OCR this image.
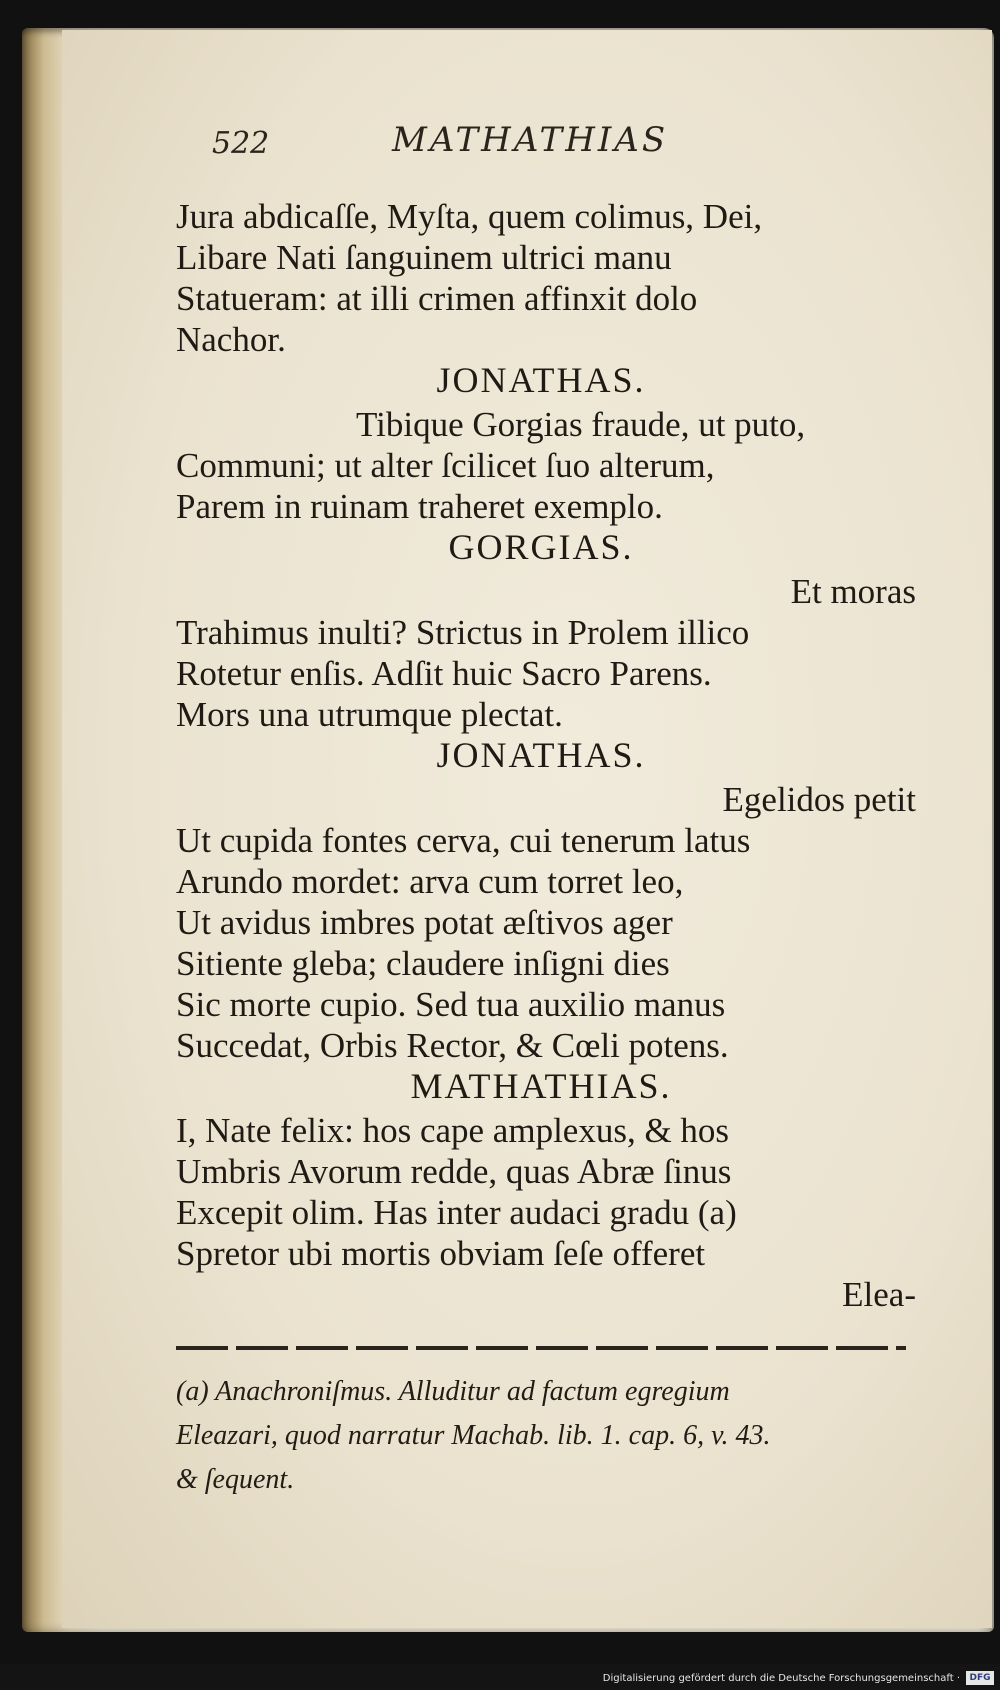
522	MATHATHIAS
Jura abdicaſſe, Myſta, quem colimus, Dei,
Libare Nati ſanguinem ultrici manu
Statueram: at illi crimen affinxit dolo
Nachor.
JONATHAS.
Tibique Gorgias fraude, ut puto,
Communi; ut alter ſcilicet ſuo alterum,
Parem in ruinam traheret exemplo.
GORGIAS.
Et moras
Trahimus inulti? Strictus in Prolem illico
Rotetur enſis. Adſit huic Sacro Parens.
Mors una utrumque plectat.
JONATHAS.
Egelidos petit
Ut cupida fontes cerva, cui tenerum latus
Arundo mordet: arva cum torret leo,
Ut avidus imbres potat æſtivos ager
Sitiente gleba; claudere inſigni dies
Sic morte cupio. Sed tua auxilio manus
Succedat, Orbis Rector, & Cœli potens.
MATHATHIAS.
I, Nate felix: hos cape amplexus, & hos
Umbris Avorum redde, quas Abræ ſinus
Excepit olim. Has inter audaci gradu (a)
Spretor ubi mortis obviam ſeſe offeret
Elea-
(a) Anachroniſmus. Alluditur ad factum egregium
Eleazari, quod narratur Machab. lib. 1. cap. 6, v. 43.
& ſequent.
Digitalisierung gefördert durch die Deutsche Forschungsgemeinschaft ·	DFG
